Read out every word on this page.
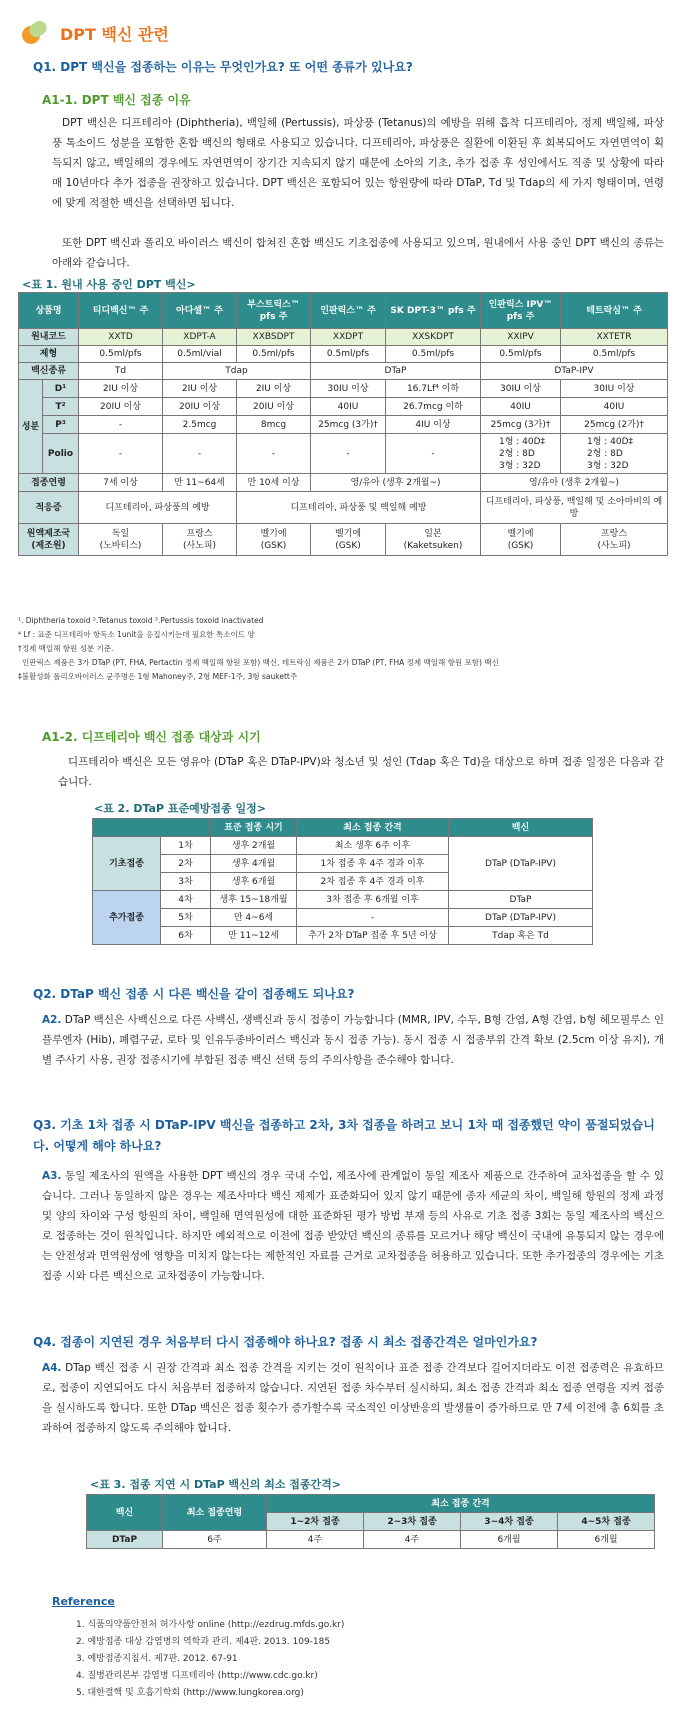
DPT 백신 관련
Q1. DPT 백신을 접종하는 이유는 무엇인가요? 또 어떤 종류가 있나요?
A1-1. DPT 백신 접종 이유
DPT 백신은 디프테리아 (Diphtheria), 백일해 (Pertussis), 파상풍 (Tetanus)의 예방을 위해 흡착 디프테리아, 정제 백일해, 파상풍 톡소이드 성분을 포함한 혼합 백신의 형태로 사용되고 있습니다. 디프테리아, 파상풍은 질환에 이환된 후 회복되어도 자연면역이 획득되지 않고, 백일해의 경우에도 자연면역이 장기간 지속되지 않기 때문에 소아의 기초, 추가 접종 후 성인에서도 직종 및 상황에 따라 매 10년마다 추가 접종을 권장하고 있습니다. DPT 백신은 포함되어 있는 항원량에 따라 DTaP, Td 및 Tdap의 세 가지 형태이며, 연령에 맞게 적절한 백신을 선택하면 됩니다.
또한 DPT 백신과 폴리오 바이러스 백신이 합쳐진 혼합 백신도 기초접종에 사용되고 있으며, 원내에서 사용 중인 DPT 백신의 종류는 아래와 같습니다.
<표 1. 원내 사용 중인 DPT 백신>
상품명		티디백신™ 주	아다셀™ 주	부스트릭스™ pfs 주	인판릭스™ 주	SK DPT-3™ pfs 주	인판릭스 IPV™ pfs 주	테트락심™ 주
원내코드		XXTD	XDPT-A	XXBSDPT	XXDPT	XXSKDPT	XXIPV	XXTETR
제형		0.5ml/pfs	0.5ml/vial	0.5ml/pfs	0.5ml/pfs	0.5ml/pfs	0.5ml/pfs	0.5ml/pfs
백신종류		Td	Tdap		DTaP		DTaP-IPV	
성분	D¹	2IU 이상	2IU 이상	2IU 이상	30IU 이상	16.7Lf⁴ 이하	30IU 이상	30IU 이상
	T²	20IU 이상	20IU 이상	20IU 이상	40IU	26.7mcg 이하	40IU	40IU
	P³	-	2.5mcg	8mcg	25mcg (3가)†	4IU 이상	25mcg (3가)†	25mcg (2가)†
	Polio	-	-	-	-	-	1형 : 40D‡
2형 : 8D
3형 : 32D	1형 : 40D‡
2형 : 8D
3형 : 32D
접종연령		7세 이상	만 11~64세	만 10세 이상	영/유아 (생후 2개월~)		영/유아 (생후 2개월~)	
적응증		디프테리아, 파상풍의 예방		디프테리아, 파상풍 및 백일해 예방			디프테리아, 파상풍, 백일해 및 소아마비의 예방	
원액제조국 (제조원)		독일
(노바티스)	프랑스
(사노피)	벨기에
(GSK)	벨기에
(GSK)	일본
(Kaketsuken)	벨기에
(GSK)	프랑스
(사노피)
¹. Diphtheria toxoid ².Tetanus toxoid ³.Pertussis toxoid inactivated
⁴ Lf : 표준 디프테리아 항독소 1unit을 응집시키는데 필요한 톡소이드 양
†정제 백일해 항원 성분 기준.
인판릭스 제품은 3가 DTaP (PT, FHA, Pertactin 정제 백일해 항원 포함) 백신, 테트락심 제품은 2가 DTaP (PT, FHA 정제 백일해 항원 포함) 백신
‡불활성화 폴리오바이러스 균주명은 1형 Mahoney주, 2형 MEF-1주, 3형 saukett주
A1-2. 디프테리아 백신 접종 대상과 시기
디프테리아 백신은 모든 영유아 (DTaP 혹은 DTaP-IPV)와 청소년 및 성인 (Tdap 혹은 Td)을 대상으로 하며 접종 일정은 다음과 같습니다.
<표 2. DTaP 표준예방접종 일정>
		표준 접종 시기	최소 접종 간격	백신
기초접종	1차	생후 2개월	최소 생후 6주 이후	DTaP (DTaP-IPV)
	2차	생후 4개월	1차 접종 후 4주 경과 이후	
	3차	생후 6개월	2차 접종 후 4주 경과 이후	
추가접종	4차	생후 15~18개월	3차 접종 후 6개월 이후	DTaP
	5차	만 4~6세	-	DTaP (DTaP-IPV)
	6차	만 11~12세	추가 2차 DTaP 접종 후 5년 이상	Tdap 혹은 Td
Q2. DTaP 백신 접종 시 다른 백신을 같이 접종해도 되나요?
A2. DTaP 백신은 사백신으로 다른 사백신, 생백신과 동시 접종이 가능합니다 (MMR, IPV, 수두, B형 간염, A형 간염, b형 헤모필루스 인플루엔자 (Hib), 폐렴구균, 로타 및 인유두종바이러스 백신과 동시 접종 가능). 동시 접종 시 접종부위 간격 확보 (2.5cm 이상 유지), 개별 주사기 사용, 권장 접종시기에 부합된 접종 백신 선택 등의 주의사항을 준수해야 합니다.
Q3. 기초 1차 접종 시 DTaP-IPV 백신을 접종하고 2차, 3차 접종을 하려고 보니 1차 때 접종했던 약이 품절되었습니다. 어떻게 해야 하나요?
A3. 동일 제조사의 원액을 사용한 DPT 백신의 경우 국내 수입, 제조사에 관계없이 동일 제조사 제품으로 간주하여 교차접종을 할 수 있습니다. 그러나 동일하지 않은 경우는 제조사마다 백신 제제가 표준화되어 있지 않기 때문에 종자 세균의 차이, 백일해 항원의 정제 과정 및 양의 차이와 구성 항원의 차이, 백일해 면역원성에 대한 표준화된 평가 방법 부재 등의 사유로 기초 접종 3회는 동일 제조사의 백신으로 접종하는 것이 원칙입니다. 하지만 예외적으로 이전에 접종 받았던 백신의 종류를 모르거나 해당 백신이 국내에 유통되지 않는 경우에는 안전성과 면역원성에 영향을 미치지 않는다는 제한적인 자료를 근거로 교차접종을 허용하고 있습니다. 또한 추가접종의 경우에는 기초접종 시와 다른 백신으로 교차접종이 가능합니다.
Q4. 접종이 지연된 경우 처음부터 다시 접종해야 하나요? 접종 시 최소 접종간격은 얼마인가요?
A4. DTap 백신 접종 시 권장 간격과 최소 접종 간격을 지키는 것이 원칙이나 표준 접종 간격보다 길어지더라도 이전 접종력은 유효하므로, 접종이 지연되어도 다시 처음부터 접종하지 않습니다. 지연된 접종 차수부터 실시하되, 최소 접종 간격과 최소 접종 연령을 지켜 접종을 실시하도록 합니다. 또한 DTap 백신은 접종 횟수가 증가할수록 국소적인 이상반응의 발생률이 증가하므로 만 7세 이전에 총 6회를 초과하여 접종하지 않도록 주의해야 합니다.
<표 3. 접종 지연 시 DTaP 백신의 최소 접종간격>
백신	최소 접종연령	최소 접종 간격			
		1~2차 접종	2~3차 접종	3~4차 접종	4~5차 접종
DTaP	6주	4주	4주	6개월	6개월
Reference
1. 식품의약품안전처 허가사항 online (http://ezdrug.mfds.go.kr)
2. 예방접종 대상 감염병의 역학과 관리. 제4판. 2013. 109-185
3. 예방접종지침서. 제7판. 2012. 67-91
4. 질병관리본부 감염병 디프테리아 (http://www.cdc.go.kr)
5. 대한결핵 및 호흡기학회 (http://www.lungkorea.org)
